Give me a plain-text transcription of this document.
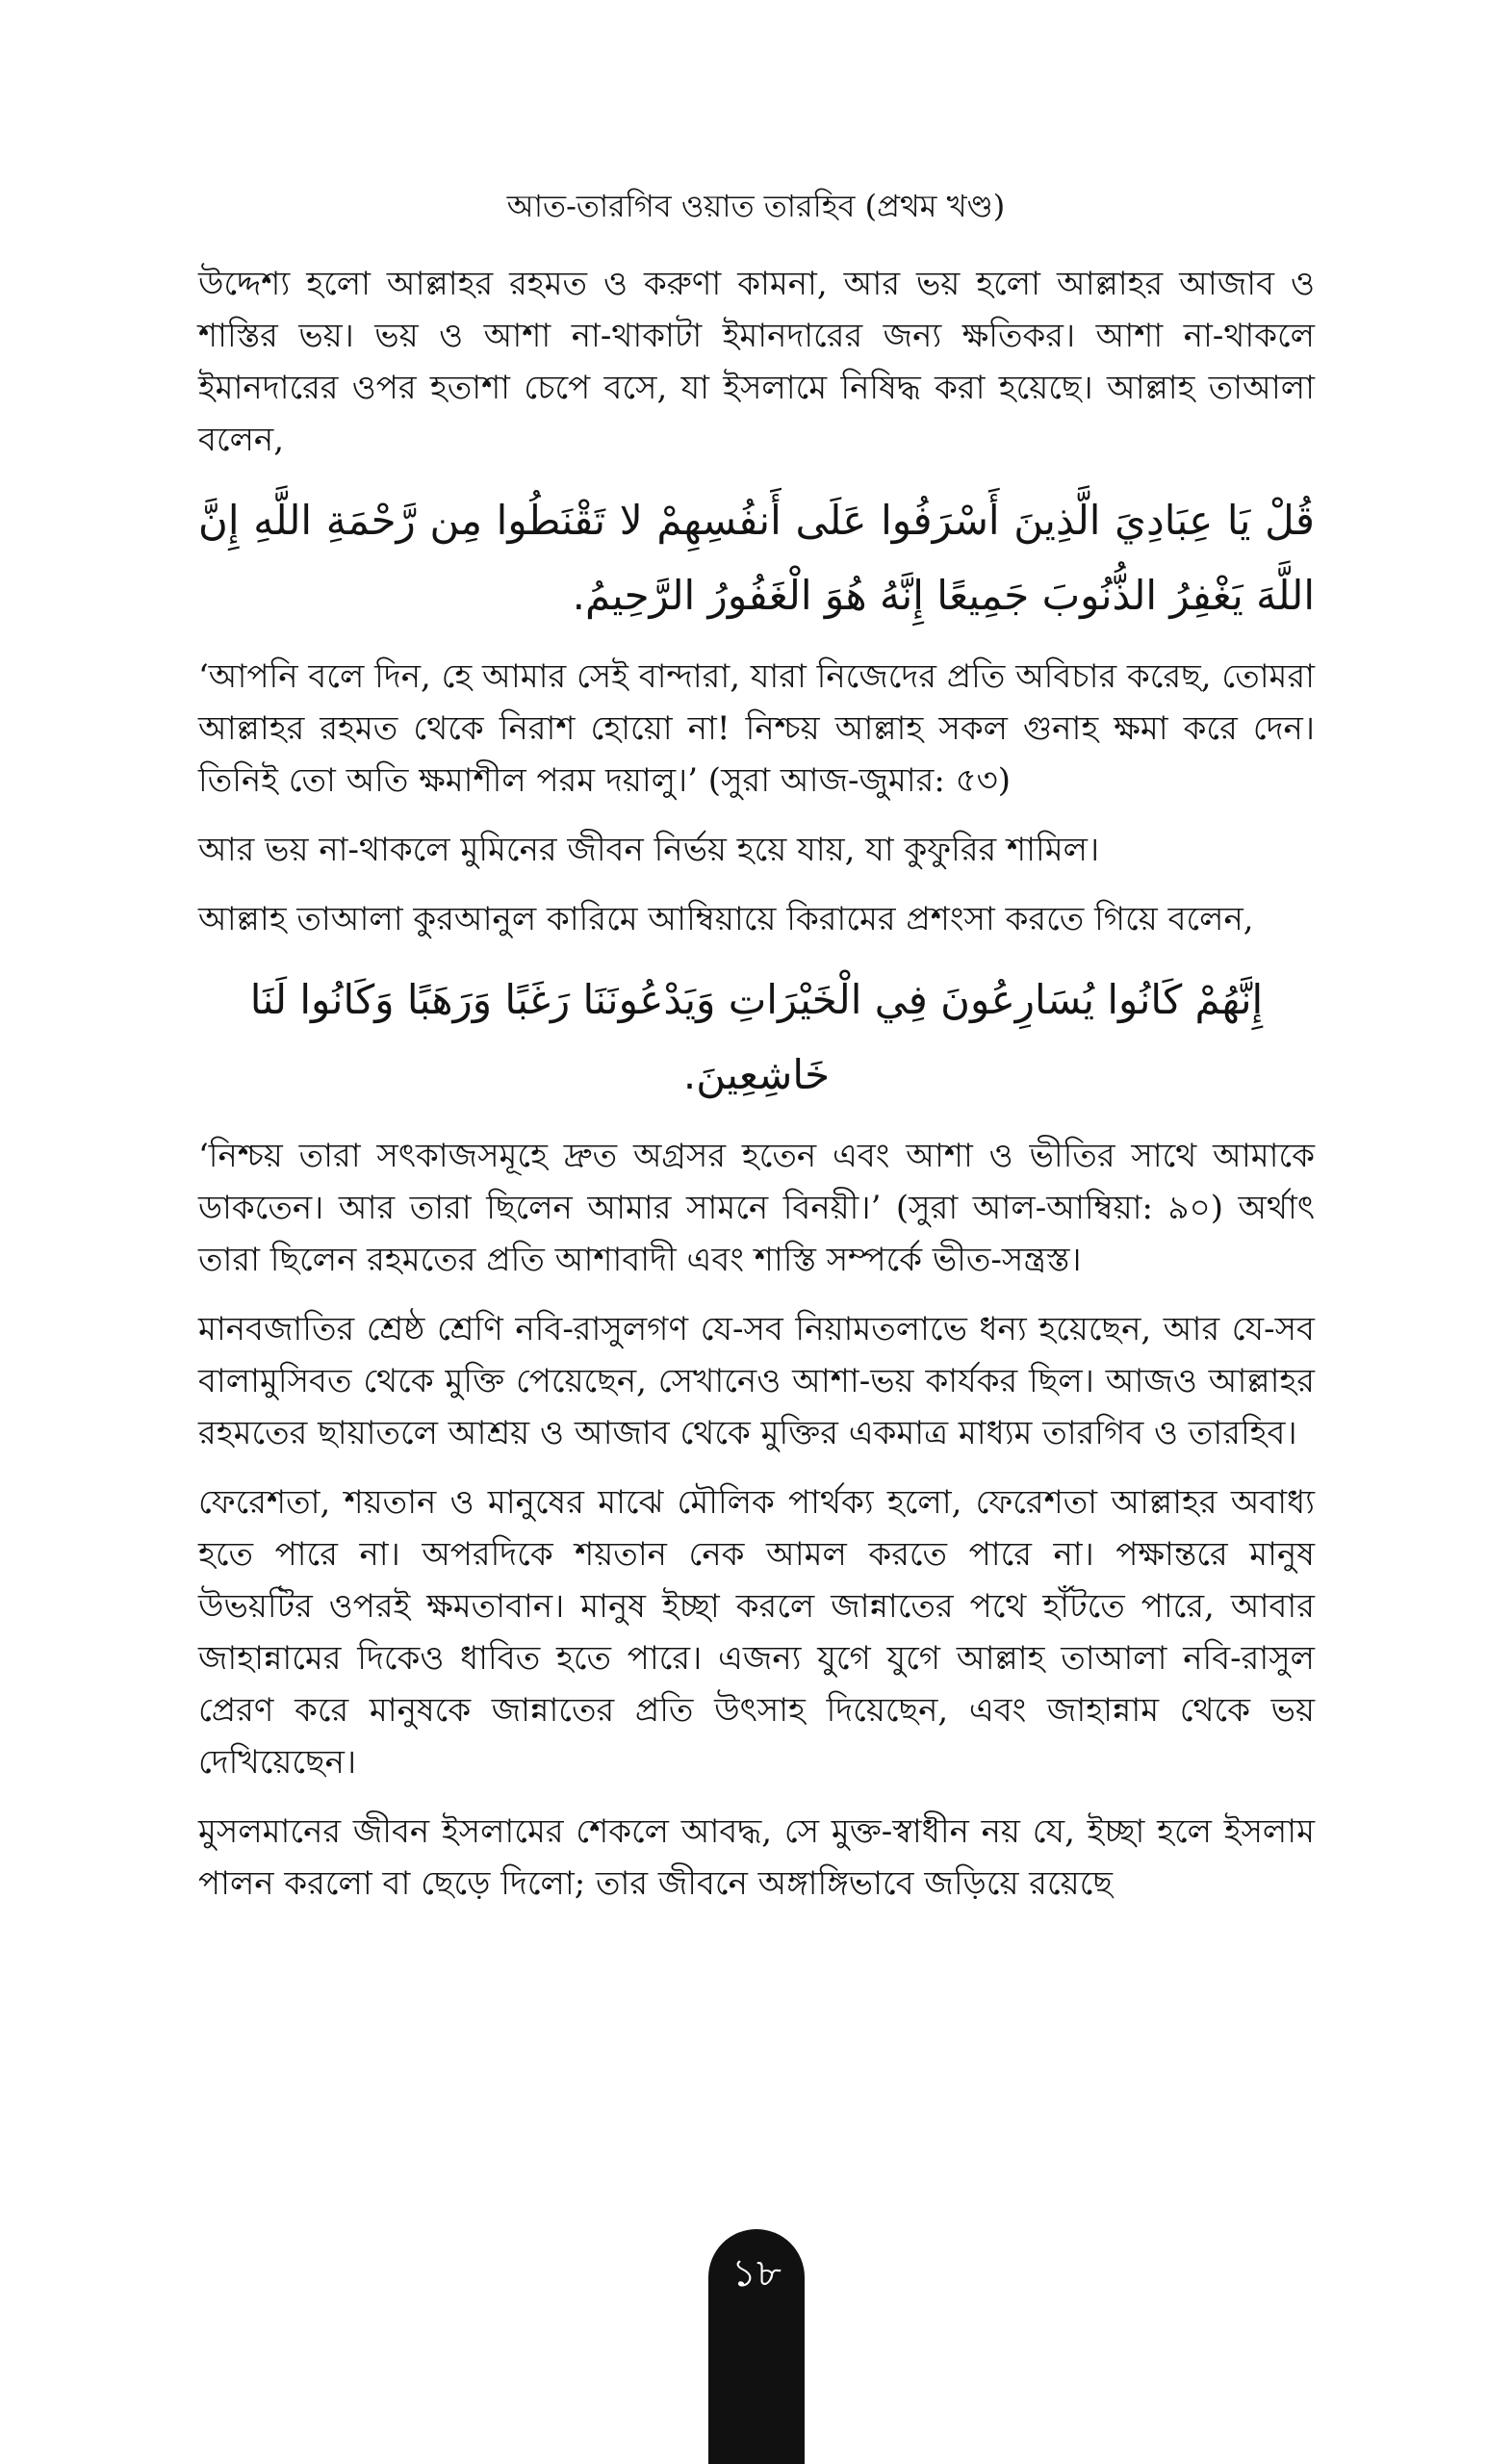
আত-তারগিব ওয়াত তারহিব (প্রথম খণ্ড)

উদ্দেশ্য হলো আল্লাহর রহমত ও করুণা কামনা, আর ভয় হলো আল্লাহর আজাব ও শাস্তির ভয়। ভয় ও আশা না-থাকাটা ইমানদারের জন্য ক্ষতিকর। আশা না-থাকলে ইমানদারের ওপর হতাশা চেপে বসে, যা ইসলামে নিষিদ্ধ করা হয়েছে। আল্লাহ তাআলা বলেন,

قُلْ يَا عِبَادِيَ الَّذِينَ أَسْرَفُوا عَلَى أَنفُسِهِمْ لا تَقْنَطُوا مِن رَّحْمَةِ اللَّهِ إِنَّ اللَّهَ يَغْفِرُ الذُّنُوبَ جَمِيعًا إِنَّهُ هُوَ الْغَفُورُ الرَّحِيمُ.

‘আপনি বলে দিন, হে আমার সেই বান্দারা, যারা নিজেদের প্রতি অবিচার করেছ, তোমরা আল্লাহর রহমত থেকে নিরাশ হোয়ো না! নিশ্চয় আল্লাহ সকল গুনাহ ক্ষমা করে দেন। তিনিই তো অতি ক্ষমাশীল পরম দয়ালু।’ (সুরা আজ-জুমার: ৫৩)

আর ভয় না-থাকলে মুমিনের জীবন নির্ভয় হয়ে যায়, যা কুফুরির শামিল।

আল্লাহ তাআলা কুরআনুল কারিমে আম্বিয়ায়ে কিরামের প্রশংসা করতে গিয়ে বলেন,

إِنَّهُمْ كَانُوا يُسَارِعُونَ فِي الْخَيْرَاتِ وَيَدْعُونَنَا رَغَبًا وَرَهَبًا وَكَانُوا لَنَا خَاشِعِينَ.

‘নিশ্চয় তারা সৎকাজসমূহে দ্রুত অগ্রসর হতেন এবং আশা ও ভীতির সাথে আমাকে ডাকতেন। আর তারা ছিলেন আমার সামনে বিনয়ী।’ (সুরা আল-আম্বিয়া: ৯০) অর্থাৎ তারা ছিলেন রহমতের প্রতি আশাবাদী এবং শাস্তি সম্পর্কে ভীত-সন্ত্রস্ত।

মানবজাতির শ্রেষ্ঠ শ্রেণি নবি-রাসুলগণ যে-সব নিয়ামতলাভে ধন্য হয়েছেন, আর যে-সব বালামুসিবত থেকে মুক্তি পেয়েছেন, সেখানেও আশা-ভয় কার্যকর ছিল। আজও আল্লাহর রহমতের ছায়াতলে আশ্রয় ও আজাব থেকে মুক্তির একমাত্র মাধ্যম তারগিব ও তারহিব।

ফেরেশতা, শয়তান ও মানুষের মাঝে মৌলিক পার্থক্য হলো, ফেরেশতা আল্লাহর অবাধ্য হতে পারে না। অপরদিকে শয়তান নেক আমল করতে পারে না। পক্ষান্তরে মানুষ উভয়টির ওপরই ক্ষমতাবান। মানুষ ইচ্ছা করলে জান্নাতের পথে হাঁটতে পারে, আবার জাহান্নামের দিকেও ধাবিত হতে পারে। এজন্য যুগে যুগে আল্লাহ তাআলা নবি-রাসুল প্রেরণ করে মানুষকে জান্নাতের প্রতি উৎসাহ দিয়েছেন, এবং জাহান্নাম থেকে ভয় দেখিয়েছেন।

মুসলমানের জীবন ইসলামের শেকলে আবদ্ধ, সে মুক্ত-স্বাধীন নয় যে, ইচ্ছা হলে ইসলাম পালন করলো বা ছেড়ে দিলো; তার জীবনে অঙ্গাঙ্গিভাবে জড়িয়ে রয়েছে

১৮
